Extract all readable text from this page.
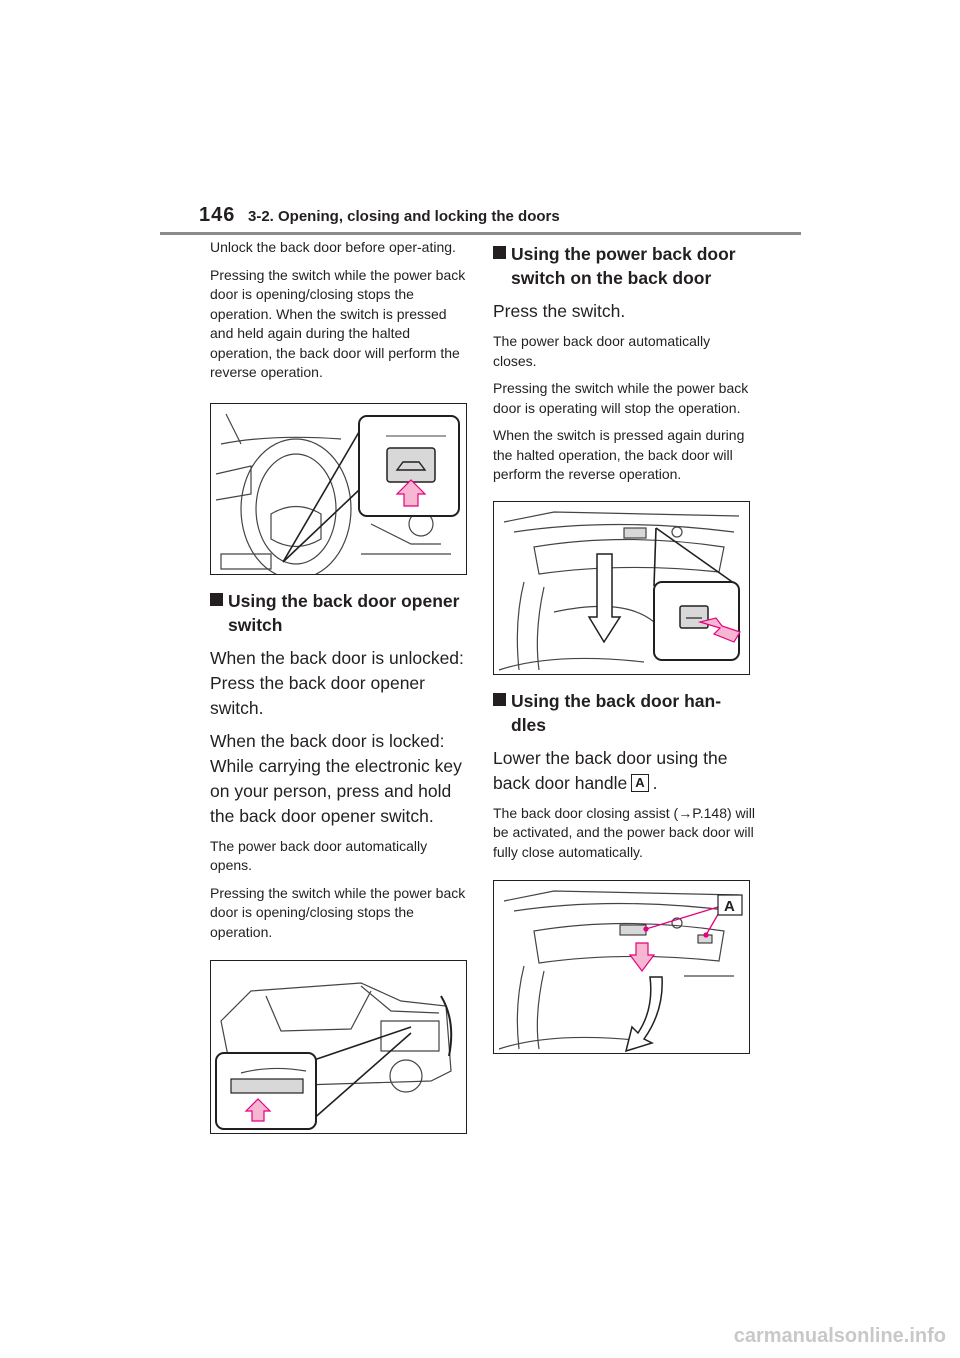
146 3-2. Opening, closing and locking the doors

Unlock the back door before oper-ating.

Pressing the switch while the power back door is opening/closing stops the operation. When the switch is pressed and held again during the halted operation, the back door will perform the reverse operation.

Using the back door opener switch

When the back door is unlocked: Press the back door opener switch.

When the back door is locked: While carrying the electronic key on your person, press and hold the back door opener switch.

The power back door automatically opens.

Pressing the switch while the power back door is opening/closing stops the operation.

Using the power back door switch on the back door

Press the switch.

The power back door automatically closes.

Pressing the switch while the power back door is operating will stop the operation.

When the switch is pressed again during the halted operation, the back door will perform the reverse operation.

Using the back door han-dles

Lower the back door using the back door handle A .

The back door closing assist (→P.148) will be activated, and the power back door will fully close automatically.

A
carmanualsonline.info
